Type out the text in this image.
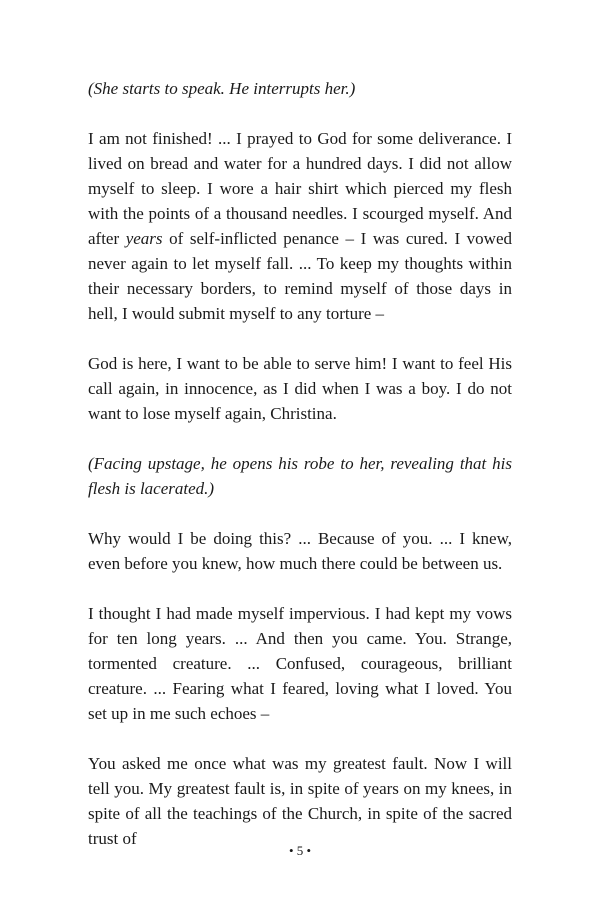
(She starts to speak. He interrupts her.)

I am not finished! ... I prayed to God for some deliverance. I lived on bread and water for a hundred days. I did not allow myself to sleep. I wore a hair shirt which pierced my flesh with the points of a thousand needles. I scourged myself. And after years of self-inflicted penance – I was cured. I vowed never again to let myself fall. ... To keep my thoughts within their necessary borders, to remind myself of those days in hell, I would submit myself to any torture –

God is here, I want to be able to serve him! I want to feel His call again, in innocence, as I did when I was a boy. I do not want to lose myself again, Christina.

(Facing upstage, he opens his robe to her, revealing that his flesh is lacerated.)

Why would I be doing this? ... Because of you. ... I knew, even before you knew, how much there could be between us.

I thought I had made myself impervious. I had kept my vows for ten long years. ... And then you came. You. Strange, tormented creature. ... Confused, courageous, brilliant creature. ... Fearing what I feared, loving what I loved. You set up in me such echoes –

You asked me once what was my greatest fault. Now I will tell you. My greatest fault is, in spite of years on my knees, in spite of all the teachings of the Church, in spite of the sacred trust of

• 5 •
